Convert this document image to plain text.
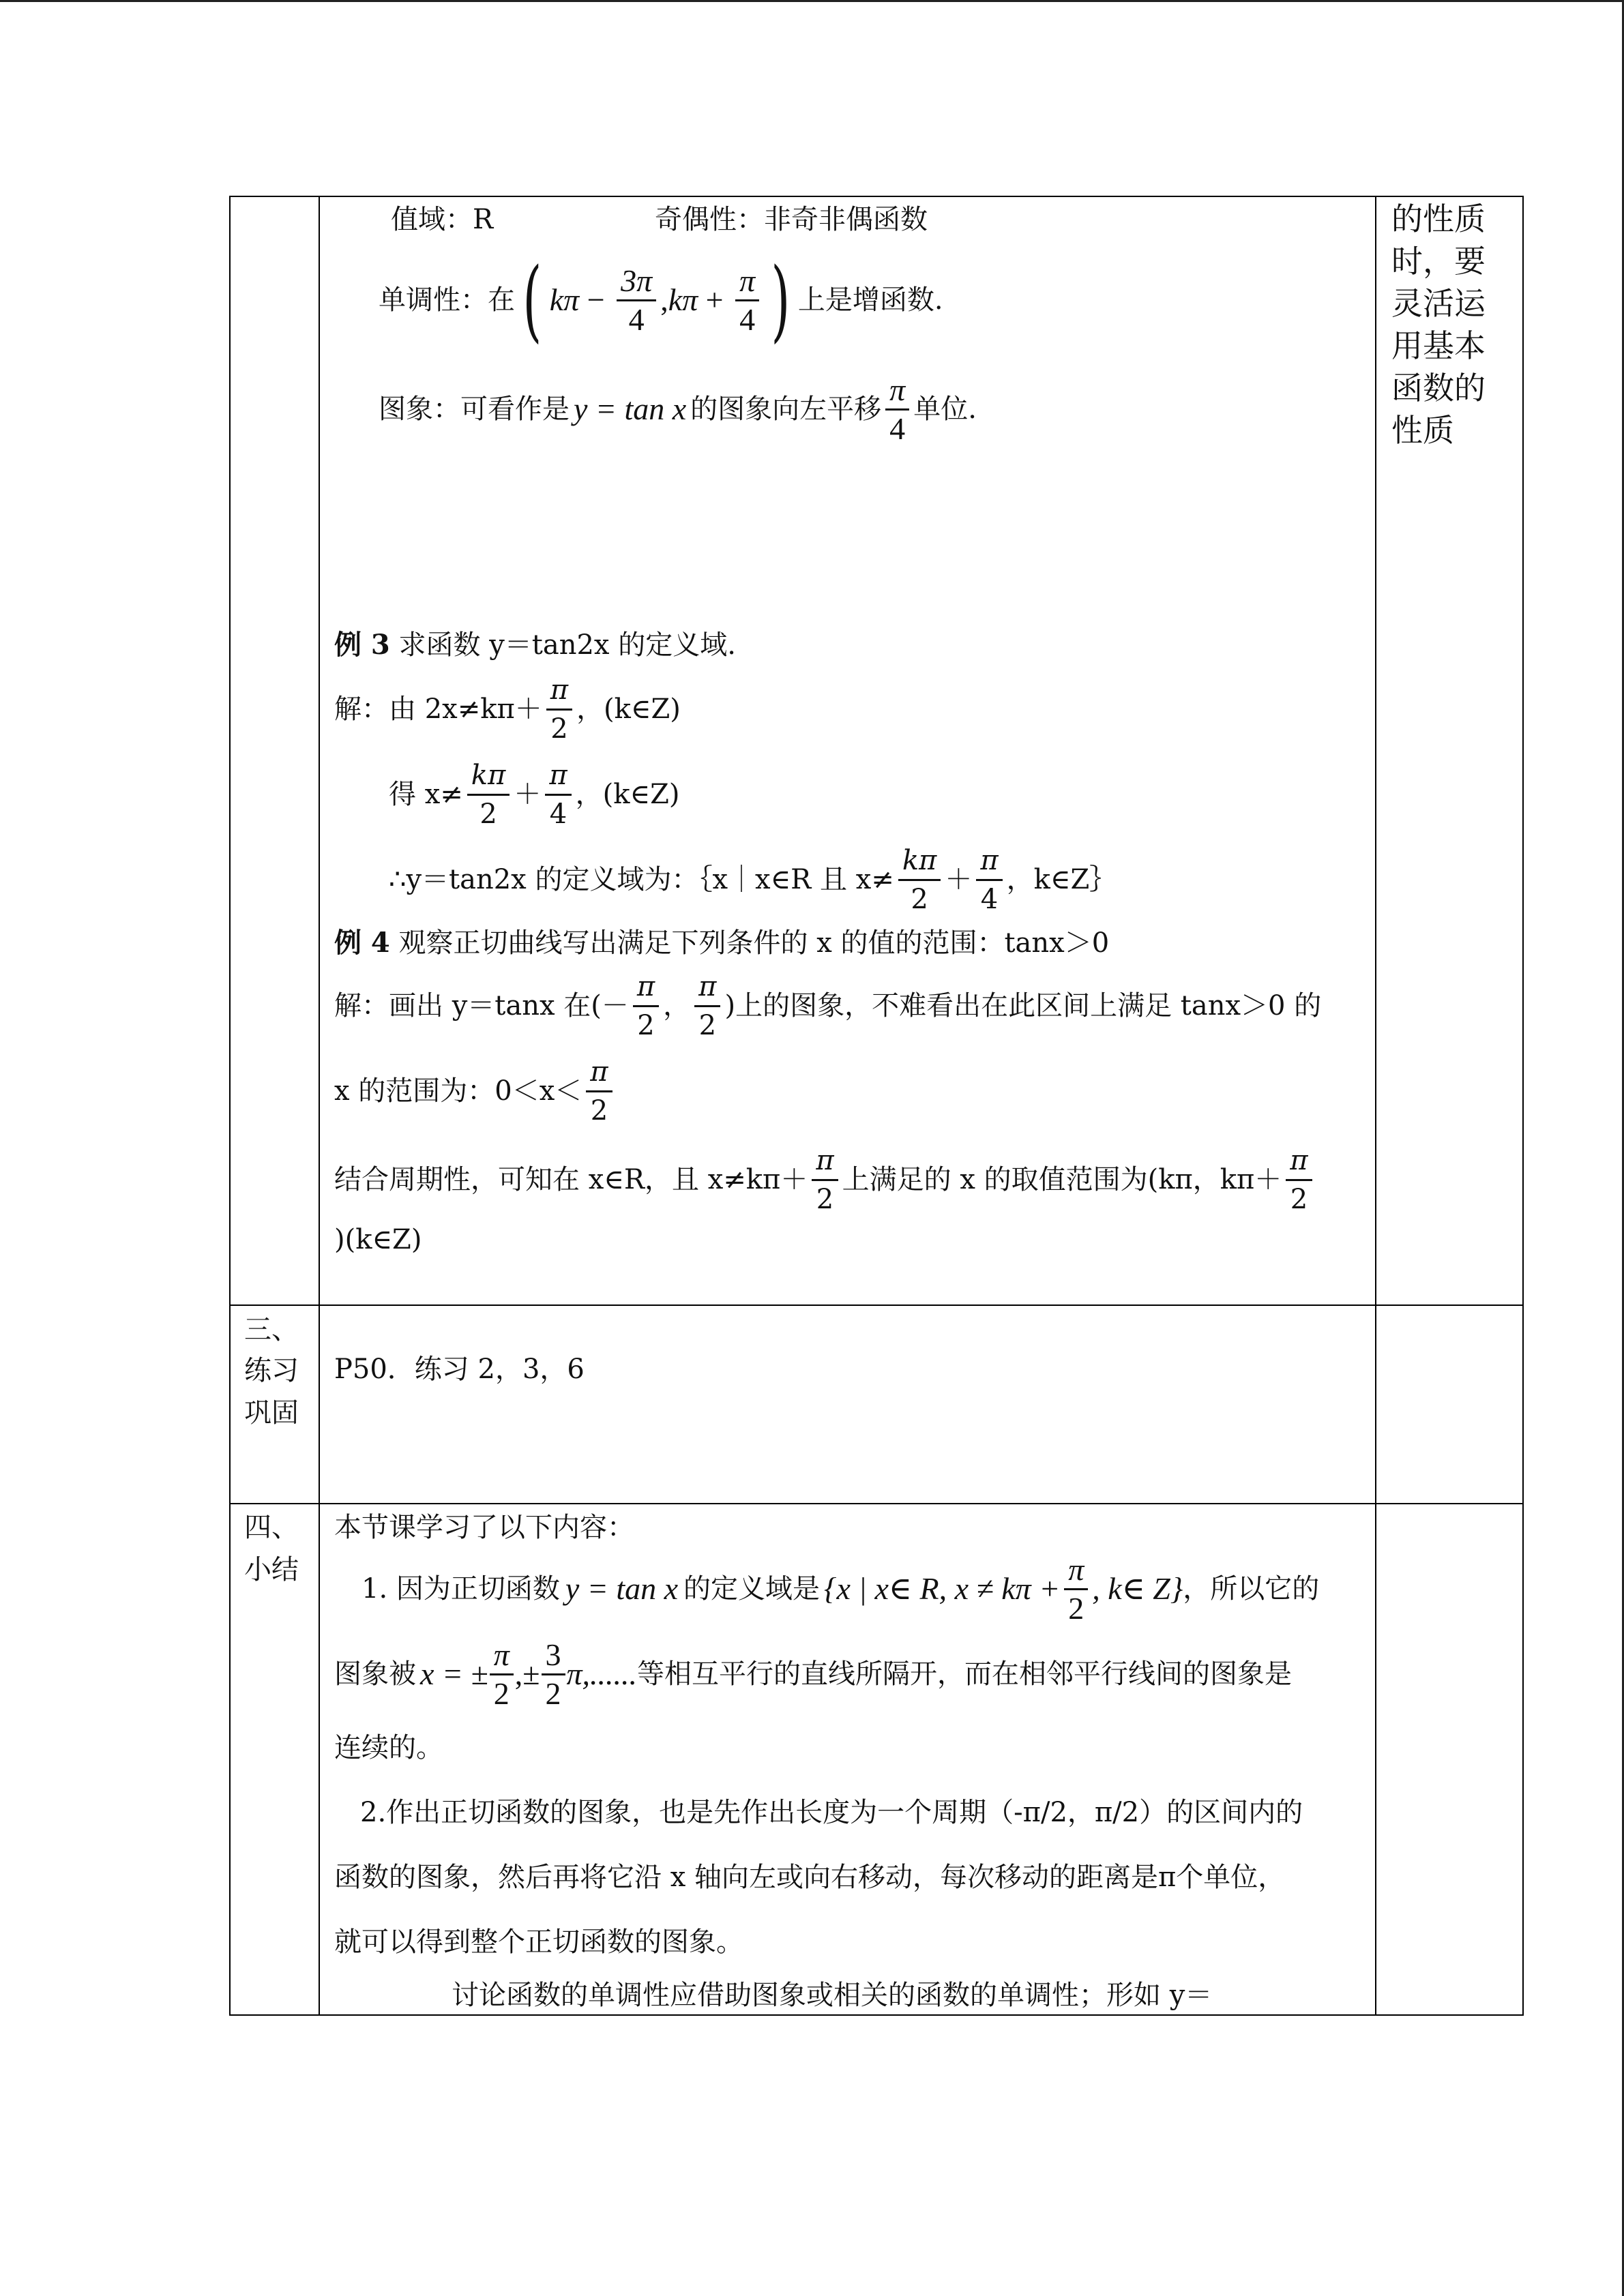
值域：R	奇偶性：非奇非偶函数
单调性：在 ( $k\pi - \frac{3\pi}{4}$ , $k\pi + \frac{\pi}{4}$ ) 上是增函数.
图象：可看作是 y = tan x 的图象向左平移 $\frac{\pi}{4}$ 单位.
例 3 求函数 y＝tan2x 的定义域.
解：由 $2x\ne k\pi+ \frac{\pi}{2}$ ，(k∈Z)
得 $x\ne \frac{k\pi}{2} + \frac{\pi}{4}$ ，(k∈Z)
∴y＝tan2x 的定义域为：｛x｜x∈R 且 $x\ne \frac{k\pi}{2} + \frac{\pi}{4}$ ，k∈Z｝
例 4 观察正切曲线写出满足下列条件的 x 的值的范围：tanx＞0
解：画出 y＝tanx 在(－ $\frac{\pi}{2}$ ， $\frac{\pi}{2}$ )上的图象，不难看出在此区间上满足 tanx＞0 的
x 的范围为：$0<x< \frac{\pi}{2}$
结合周期性，可知在 x∈R，且 $x\ne k\pi+ \frac{\pi}{2}$ 上满足的 x 的取值范围为(kπ，$k\pi+ \frac{\pi}{2}$
)(k∈Z)
的性质
时，要
灵活运
用基本
函数的
性质
三、
练习
巩固
P50．练习 2，3，6
四、
小结
本节课学习了以下内容：
1. 因为正切函数 y = tan x 的定义域是 {x | x∈ R, $x \ne k\pi + \frac{\pi}{2}$ , k∈ Z} ，所以它的
图象被 x = ± $\frac{\pi}{2}$ ,± $\frac{3}{2} \pi$,...... 等相互平行的直线所隔开，而在相邻平行线间的图象是
连续的。
2.作出正切函数的图象，也是先作出长度为一个周期（-π/2，π/2）的区间内的
函数的图象，然后再将它沿 x 轴向左或向右移动，每次移动的距离是π个单位，
就可以得到整个正切函数的图象。
讨论函数的单调性应借助图象或相关的函数的单调性；形如 y＝
